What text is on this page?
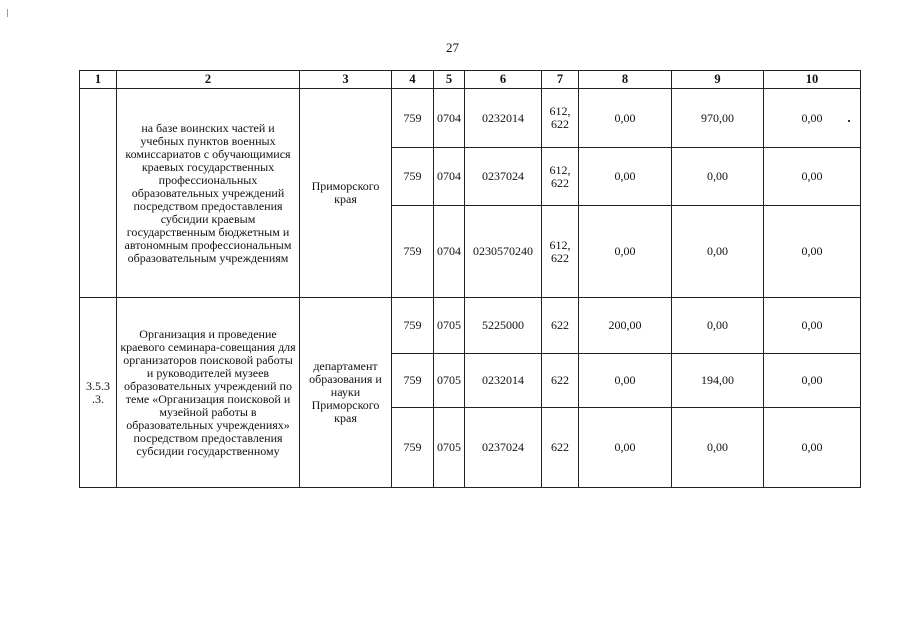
27
1	2	3	4	5	6	7	8	9	10
	на базе воинских частей и учебных пунктов военных комиссариатов с обучающимися краевых государственных профессиональных образовательных учреждений посредством предоставления субсидии краевым государственным бюджетным и автономным профессиональным образовательным учреждениям	Приморского края	759	0704	0232014	612, 622	0,00	970,00	0,00
			759	0704	0237024	612, 622	0,00	0,00	0,00
			759	0704	0230570240	612, 622	0,00	0,00	0,00
3.5.3 .3.	Организация и проведение краевого семинара-совещания для организаторов поисковой работы и руководителей музеев образовательных учреждений по теме «Организация поисковой и музейной работы в образовательных учреждениях» посредством предоставления субсидии государственному	департамент образования и науки Приморского края	759	0705	5225000	622	200,00	0,00	0,00
			759	0705	0232014	622	0,00	194,00	0,00
			759	0705	0237024	622	0,00	0,00	0,00
